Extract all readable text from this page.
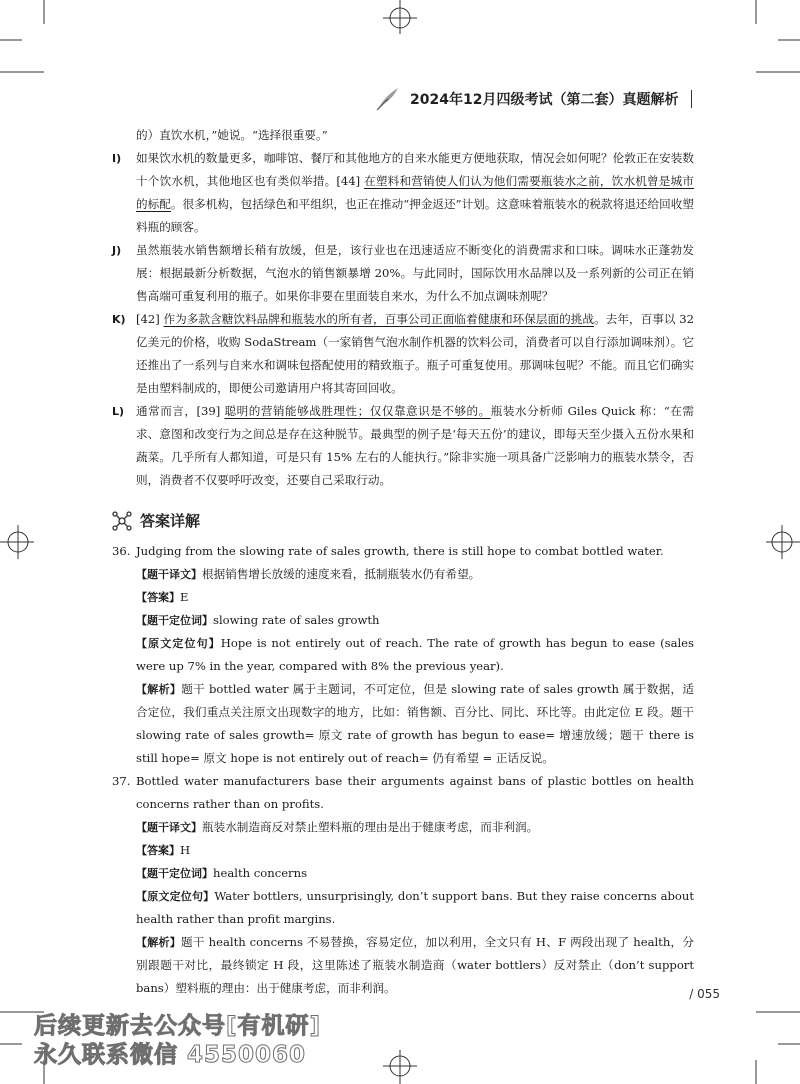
2024年12月四级考试（第二套）真题解析

的）直饮水机，”她说。“选择很重要。”

I) 如果饮水机的数量更多，咖啡馆、餐厅和其他地方的自来水能更方便地获取，情况会如何呢？伦敦正在安装数十个饮水机，其他地区也有类似举措。[44] 在塑料和营销使人们认为他们需要瓶装水之前，饮水机曾是城市的标配。很多机构，包括绿色和平组织，也正在推动“押金返还”计划。这意味着瓶装水的税款将退还给回收塑料瓶的顾客。

J) 虽然瓶装水销售额增长稍有放缓，但是，该行业也在迅速适应不断变化的消费需求和口味。调味水正蓬勃发展：根据最新分析数据，气泡水的销售额暴增 20%。与此同时，国际饮用水品牌以及一系列新的公司正在销售高端可重复利用的瓶子。如果你非要在里面装自来水，为什么不加点调味剂呢？

K) [42] 作为多款含糖饮料品牌和瓶装水的所有者，百事公司正面临着健康和环保层面的挑战。去年，百事以 32 亿美元的价格，收购 SodaStream（一家销售气泡水制作机器的饮料公司，消费者可以自行添加调味剂）。它还推出了一系列与自来水和调味包搭配使用的精致瓶子。瓶子可重复使用。那调味包呢？不能。而且它们确实是由塑料制成的，即便公司邀请用户将其寄回回收。

L) 通常而言，[39] 聪明的营销能够战胜理性；仅仅靠意识是不够的。瓶装水分析师 Giles Quick 称：“在需求、意图和改变行为之间总是存在这种脱节。最典型的例子是‘每天五份’的建议，即每天至少摄入五份水果和蔬菜。几乎所有人都知道，可是只有 15% 左右的人能执行。”除非实施一项具备广泛影响力的瓶装水禁令，否则，消费者不仅要呼吁改变，还要自己采取行动。

答案详解

36. Judging from the slowing rate of sales growth, there is still hope to combat bottled water.

【题干译文】根据销售增长放缓的速度来看，抵制瓶装水仍有希望。

【答案】E

【题干定位词】slowing rate of sales growth

【原文定位句】Hope is not entirely out of reach. The rate of growth has begun to ease (sales were up 7% in the year, compared with 8% the previous year).

【解析】题干 bottled water 属于主题词，不可定位，但是 slowing rate of sales growth 属于数据，适合定位，我们重点关注原文出现数字的地方，比如：销售额、百分比、同比、环比等。由此定位 E 段。题干 slowing rate of sales growth= 原文 rate of growth has begun to ease= 增速放缓；题干 there is still hope= 原文 hope is not entirely out of reach= 仍有希望 = 正话反说。

37. Bottled water manufacturers base their arguments against bans of plastic bottles on health concerns rather than on profits.

【题干译文】瓶装水制造商反对禁止塑料瓶的理由是出于健康考虑，而非利润。

【答案】H

【题干定位词】health concerns

【原文定位句】Water bottlers, unsurprisingly, don’t support bans. But they raise concerns about health rather than profit margins.

【解析】题干 health concerns 不易替换，容易定位，加以利用，全文只有 H、F 两段出现了 health，分别跟题干对比，最终锁定 H 段，这里陈述了瓶装水制造商（water bottlers）反对禁止（don’t support bans）塑料瓶的理由：出于健康考虑，而非利润。	/ 055
后续更新去公众号[有机研]
永久联系微信 4550060
